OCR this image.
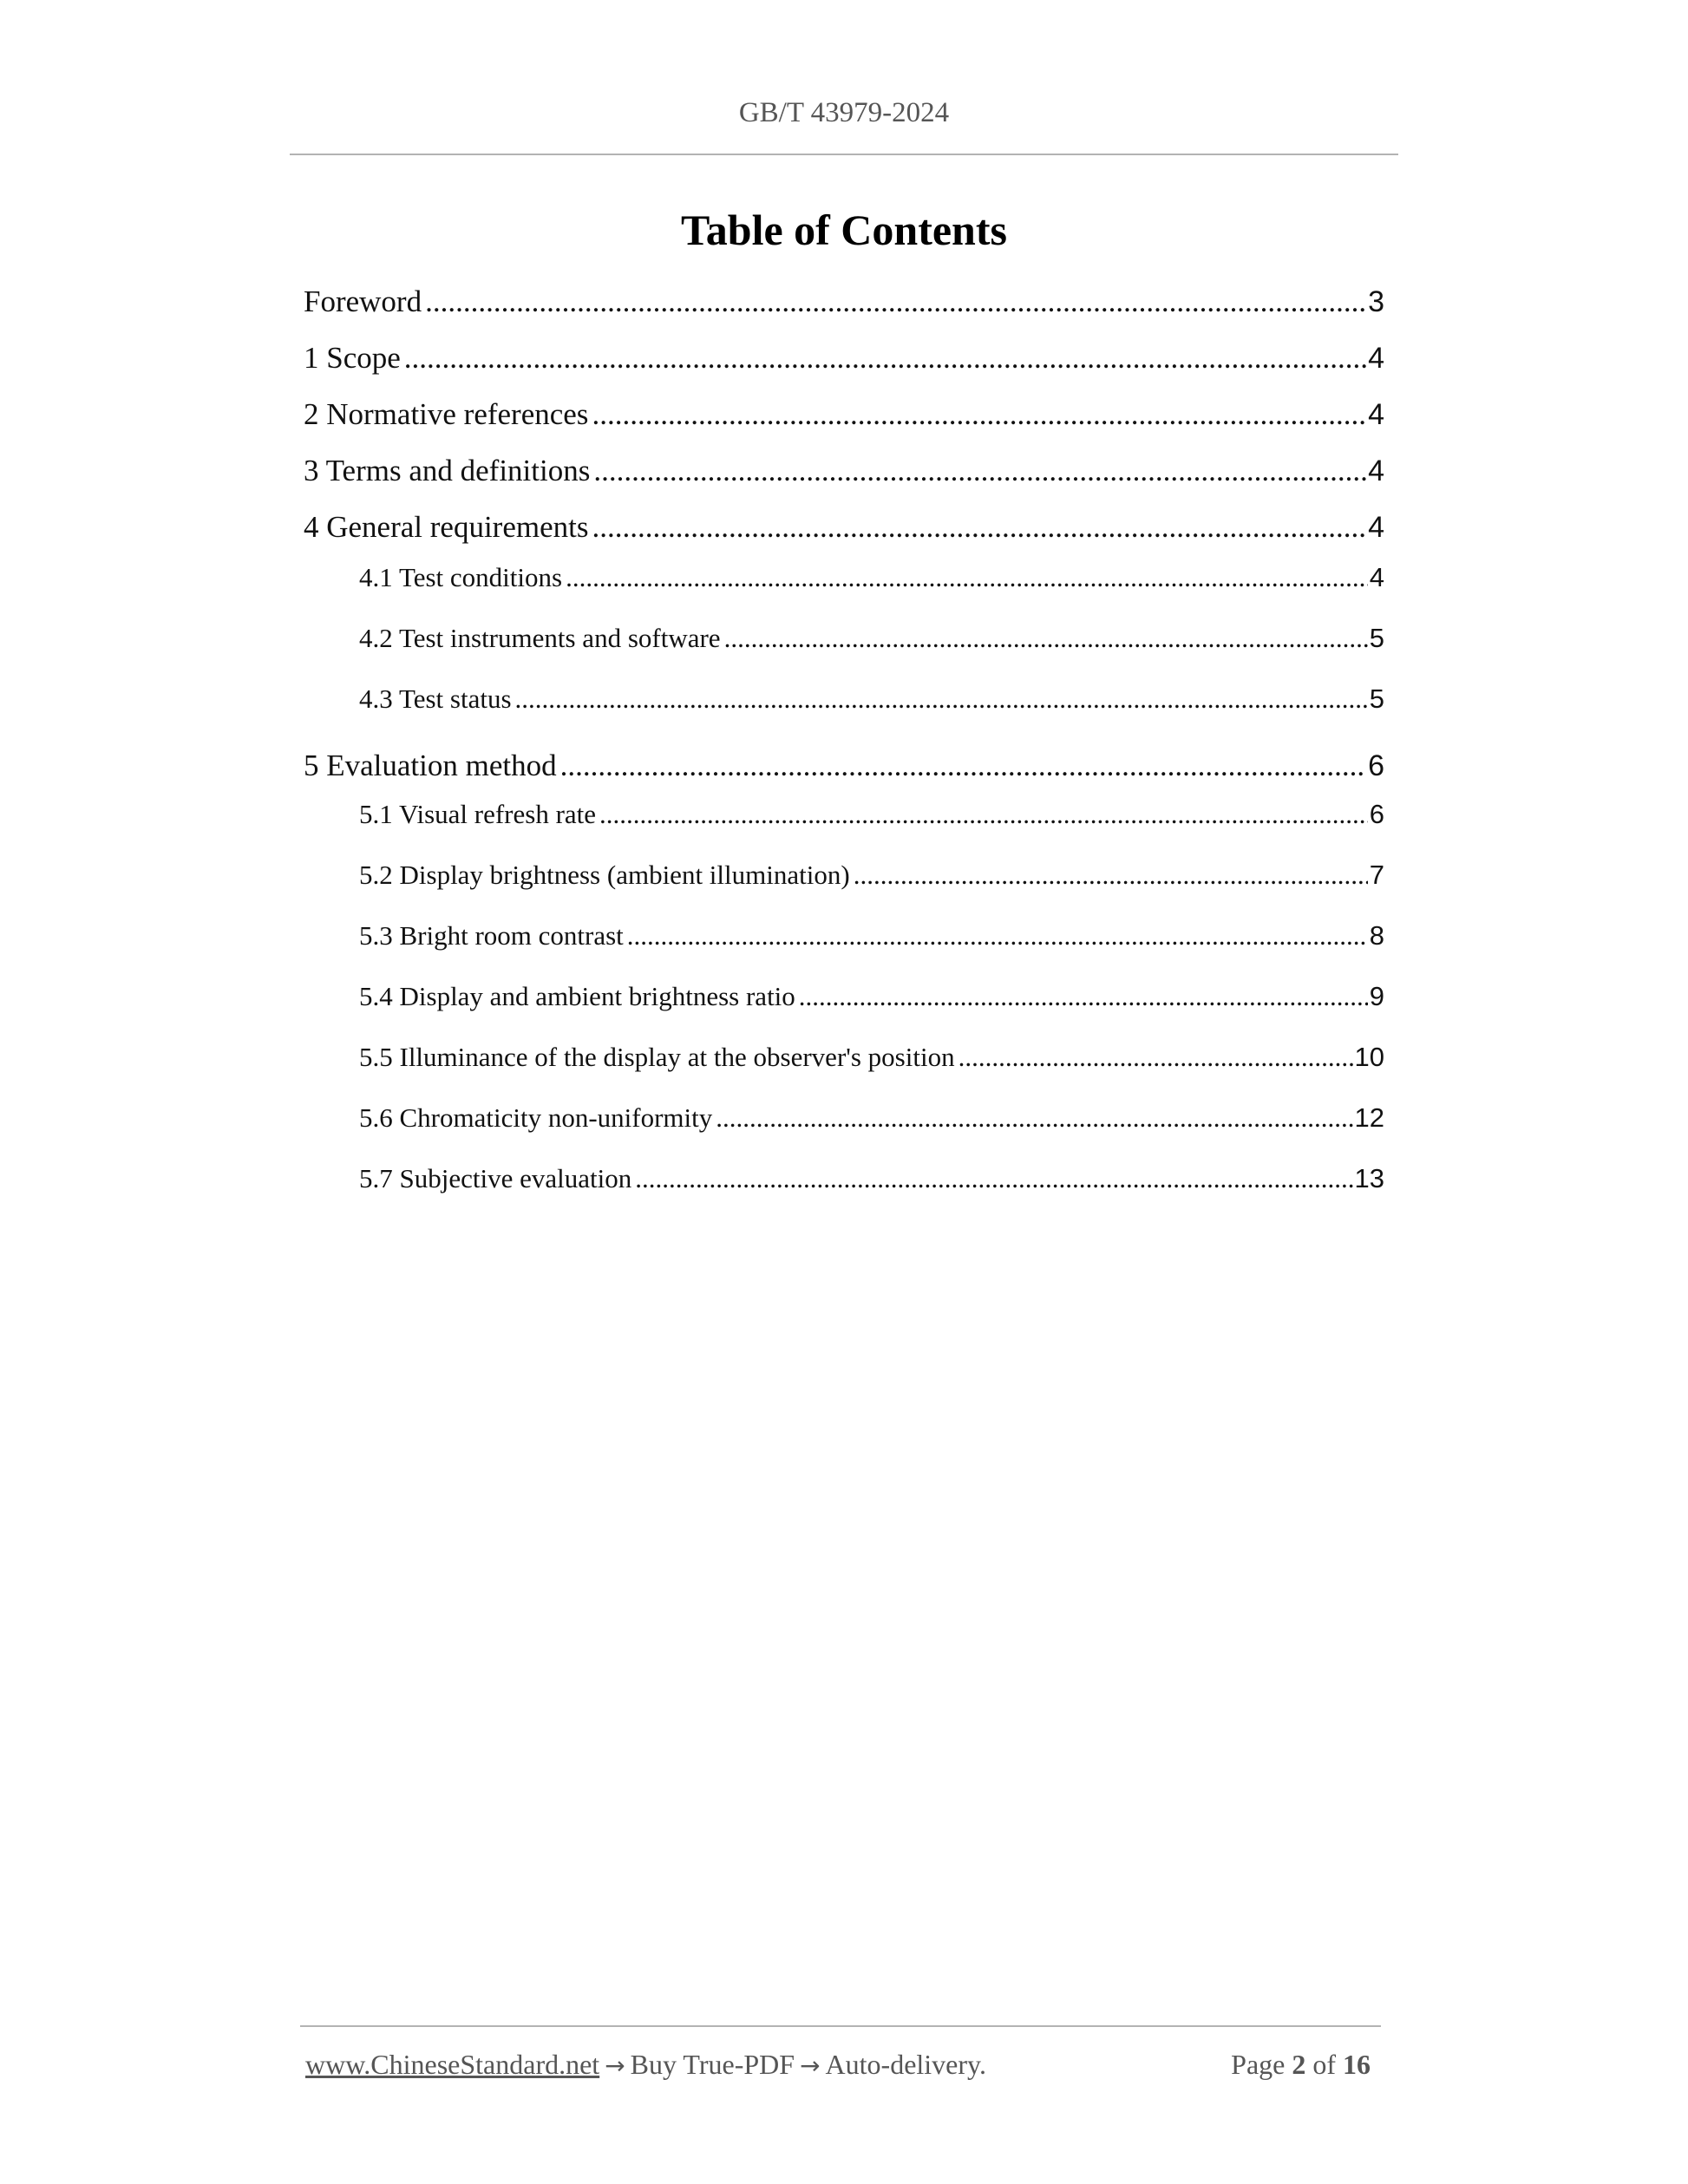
GB/T 43979-2024
Table of Contents
Foreword .....	3
1 Scope .....	4
2 Normative references .....	4
3 Terms and definitions .....	4
4 General requirements .....	4
4.1 Test conditions .....	4
4.2 Test instruments and software .....	5
4.3 Test status .....	5
5 Evaluation method .....	6
5.1 Visual refresh rate .....	6
5.2 Display brightness (ambient illumination) .....	7
5.3 Bright room contrast .....	8
5.4 Display and ambient brightness ratio .....	9
5.5 Illuminance of the display at the observer's position .....	10
5.6 Chromaticity non-uniformity .....	12
5.7 Subjective evaluation .....	13
www.ChineseStandard.net → Buy True-PDF → Auto-delivery.	Page 2 of 16
